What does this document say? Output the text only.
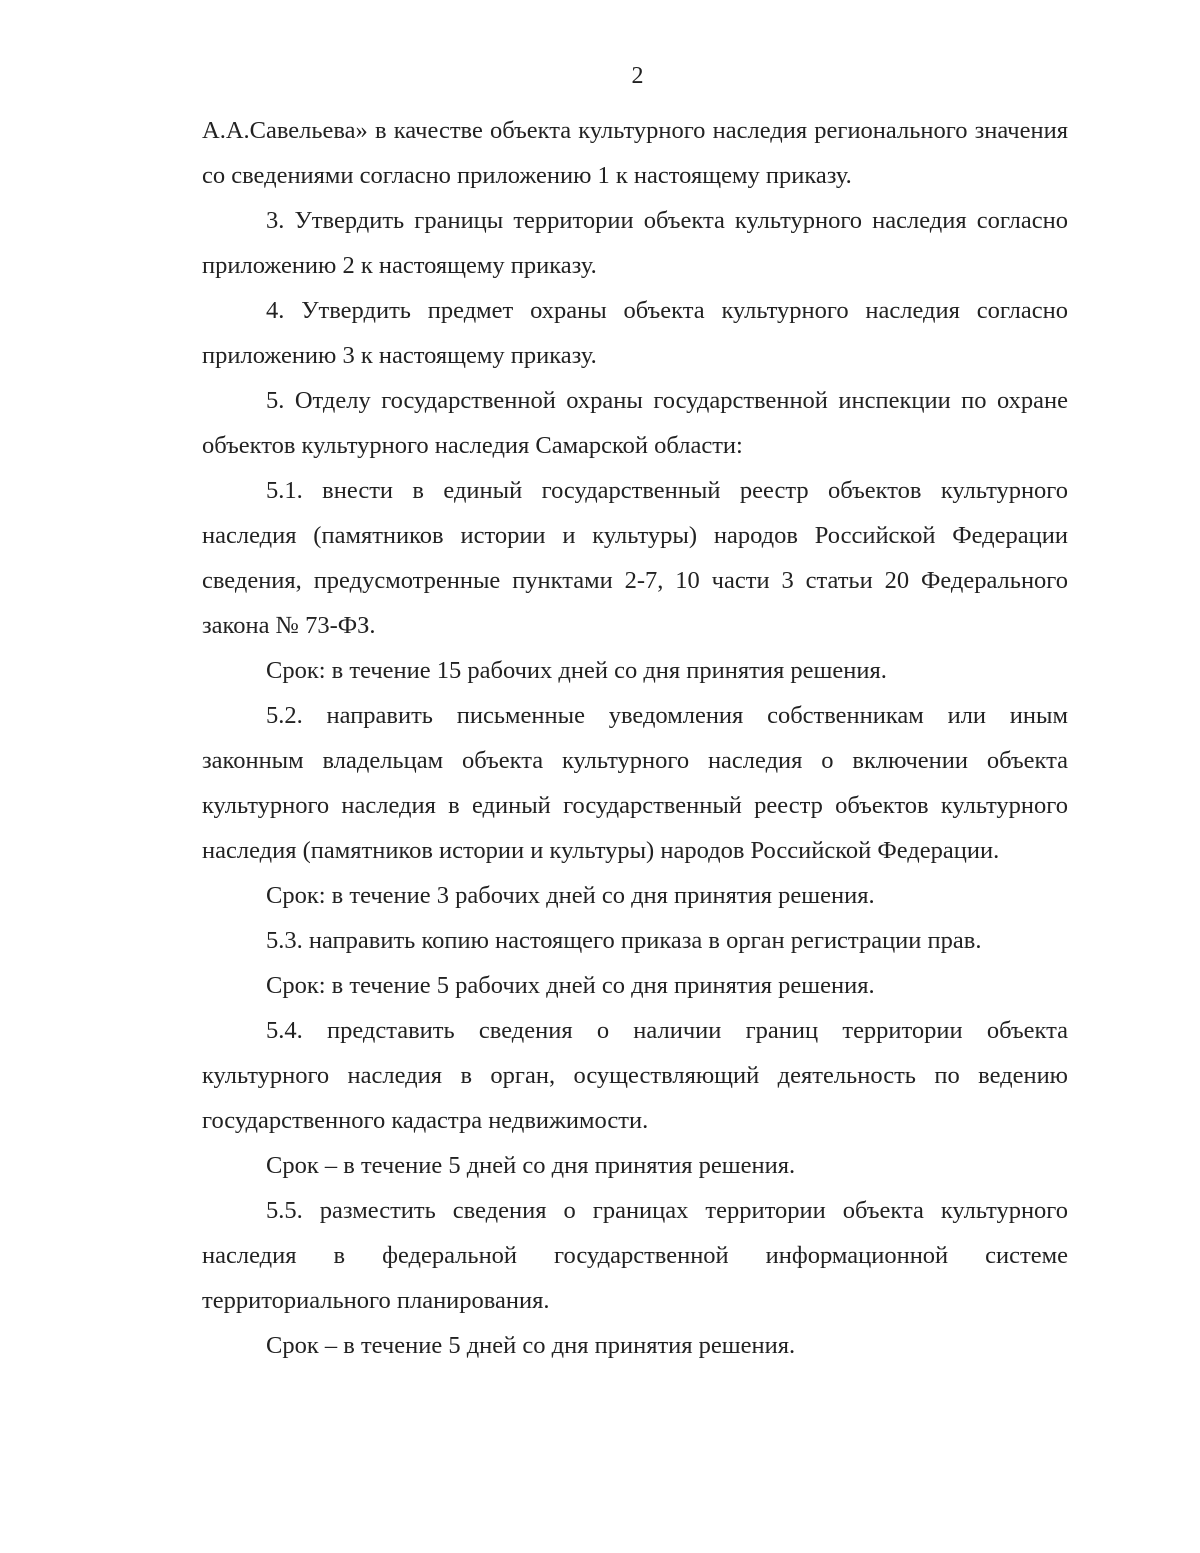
2

А.А.Савельева» в качестве объекта культурного наследия регионального значения со сведениями согласно приложению 1 к настоящему приказу.

3. Утвердить границы территории объекта культурного наследия согласно приложению 2 к настоящему приказу.

4. Утвердить предмет охраны объекта культурного наследия согласно приложению 3 к настоящему приказу.

5. Отделу государственной охраны государственной инспекции по охране объектов культурного наследия Самарской области:

5.1. внести в единый государственный реестр объектов культурного наследия (памятников истории и культуры) народов Российской Федерации сведения, предусмотренные пунктами 2-7, 10 части 3 статьи 20 Федерального закона № 73-ФЗ.

Срок: в течение 15 рабочих дней со дня принятия решения.

5.2. направить письменные уведомления собственникам или иным законным владельцам объекта культурного наследия о включении объекта культурного наследия в единый государственный реестр объектов культурного наследия (памятников истории и культуры) народов Российской Федерации.

Срок: в течение 3 рабочих дней со дня принятия решения.

5.3. направить копию настоящего приказа в орган регистрации прав.

Срок: в течение 5 рабочих дней со дня принятия решения.

5.4. представить сведения о наличии границ территории объекта культурного наследия в орган, осуществляющий деятельность по ведению государственного кадастра недвижимости.

Срок – в течение 5 дней со дня принятия решения.

5.5. разместить сведения о границах территории объекта культурного наследия в федеральной государственной информационной системе территориального планирования.

Срок – в течение 5 дней со дня принятия решения.
